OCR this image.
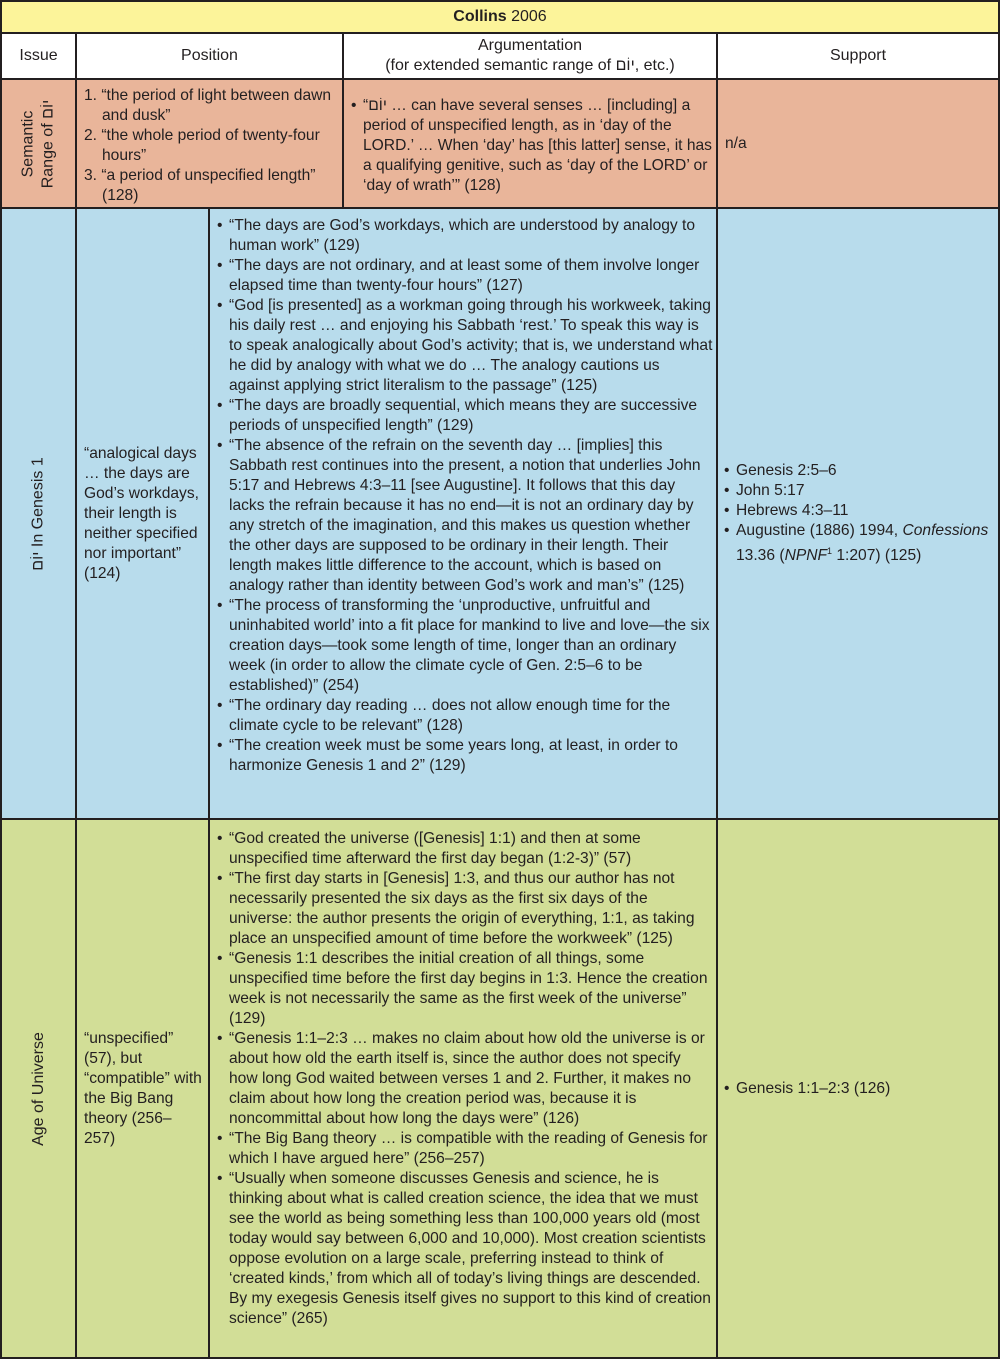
Collins 2006
Issue	Position
Argumentation
(for extended semantic range of יוֹם, etc.)
Support
Semantic Range of יוֹם
1. “the period of light between dawn and dusk”
2. “the whole period of twenty-four hours”
3. “a period of unspecified length” (128)
• “יוֹם … can have several senses … [including] a period of unspecified length, as in ‘day of the LORD.’ … When ‘day’ has [this latter] sense, it has a qualifying genitive, such as ‘day of the LORD’ or ‘day of wrath’” (128)
n/a
יוֹם In Genesis 1
“analogical days … the days are God’s workdays, their length is neither specified nor important” (124)
• “The days are God’s workdays, which are understood by analogy to human work” (129)
• “The days are not ordinary, and at least some of them involve longer elapsed time than twenty-four hours” (127)
• “God [is presented] as a workman going through his workweek, taking his daily rest … and enjoying his Sabbath ‘rest.’ To speak this way is to speak analogically about God’s activity; that is, we understand what he did by analogy with what we do … The analogy cautions us against applying strict literalism to the passage” (125)
• “The days are broadly sequential, which means they are successive periods of unspecified length” (129)
• “The absence of the refrain on the seventh day … [implies] this Sabbath rest continues into the present, a notion that underlies John 5:17 and Hebrews 4:3–11 [see Augustine]. It follows that this day lacks the refrain because it has no end—it is not an ordinary day by any stretch of the imagination, and this makes us question whether the other days are supposed to be ordinary in their length. Their length makes little difference to the account, which is based on analogy rather than identity between God’s work and man’s” (125)
• “The process of transforming the ‘unproductive, unfruitful and uninhabited world’ into a fit place for mankind to live and love—the six creation days—took some length of time, longer than an ordinary week (in order to allow the climate cycle of Gen. 2:5–6 to be established)” (254)
• “The ordinary day reading … does not allow enough time for the climate cycle to be relevant” (128)
• “The creation week must be some years long, at least, in order to harmonize Genesis 1 and 2” (129)
• Genesis 2:5–6
• John 5:17
• Hebrews 4:3–11
• Augustine (1886) 1994, Confessions 13.36 (NPNF$^1$ 1:207) (125)
Age of Universe “unspecified” (57), but “compatible” with the Big Bang theory (256–257)
• “God created the universe ([Genesis] 1:1) and then at some unspecified time afterward the first day began (1:2-3)” (57)
• “The first day starts in [Genesis] 1:3, and thus our author has not necessarily presented the six days as the first six days of the universe: the author presents the origin of everything, 1:1, as taking place an unspecified amount of time before the workweek” (125)
• “Genesis 1:1 describes the initial creation of all things, some unspecified time before the first day begins in 1:3. Hence the creation week is not necessarily the same as the first week of the universe” (129)
• “Genesis 1:1–2:3 … makes no claim about how old the universe is or about how old the earth itself is, since the author does not specify how long God waited between verses 1 and 2. Further, it makes no claim about how long the creation period was, because it is noncommittal about how long the days were” (126)
• “The Big Bang theory … is compatible with the reading of Genesis for which I have argued here” (256–257)
• “Usually when someone discusses Genesis and science, he is thinking about what is called creation science, the idea that we must see the world as being something less than 100,000 years old (most today would say between 6,000 and 10,000). Most creation scientists oppose evolution on a large scale, preferring instead to think of ‘created kinds,’ from which all of today’s living things are descended. By my exegesis Genesis itself gives no support to this kind of creation science” (265)
• Genesis 1:1–2:3 (126)
